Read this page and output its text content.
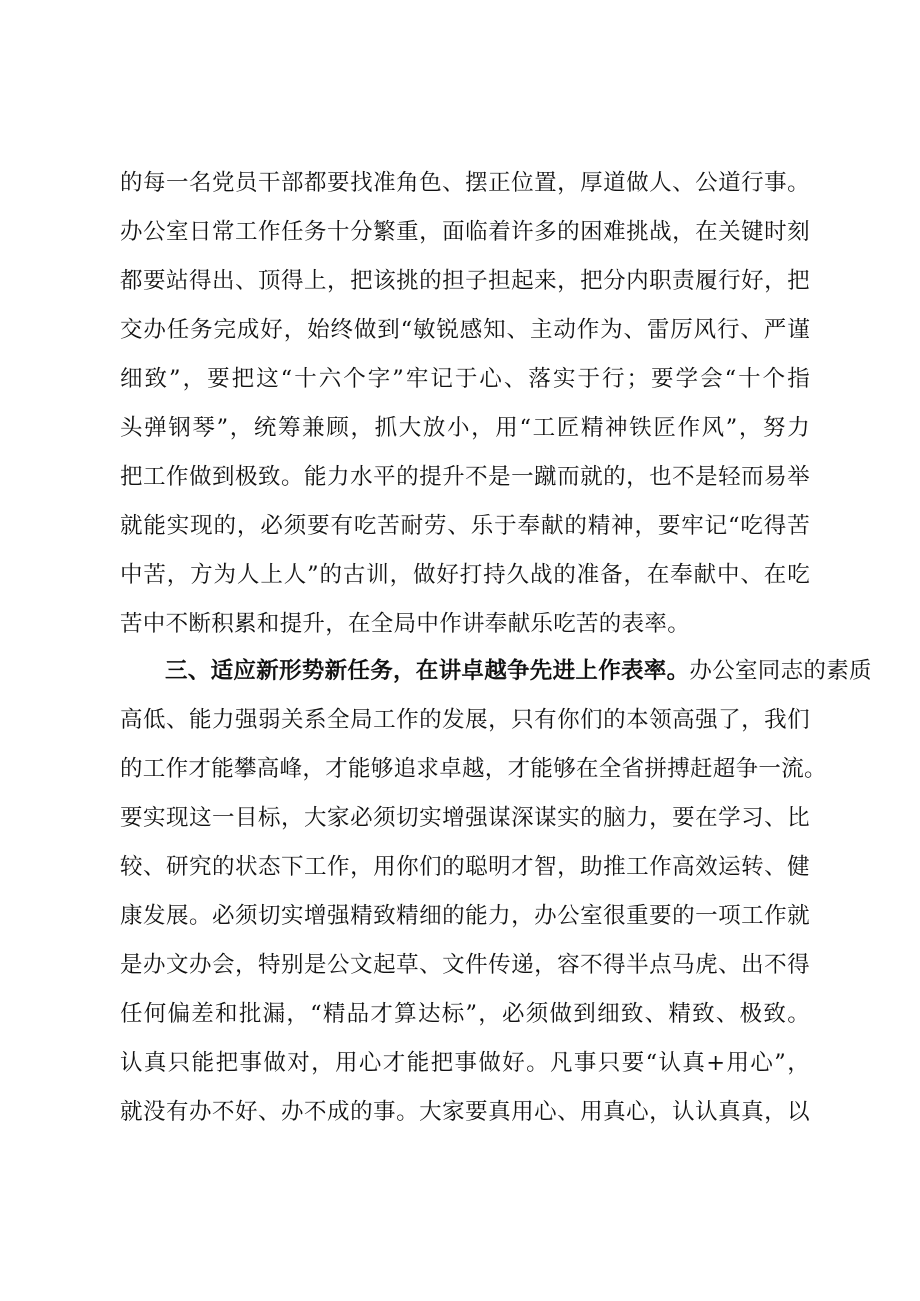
的每一名党员干部都要找准角色、摆正位置，厚道做人、公道行事。
办公室日常工作任务十分繁重，面临着许多的困难挑战，在关键时刻
都要站得出、顶得上，把该挑的担子担起来，把分内职责履行好，把
交办任务完成好，始终做到“敏锐感知、主动作为、雷厉风行、严谨
细致”，要把这“十六个字”牢记于心、落实于行；要学会“十个指
头弹钢琴”，统筹兼顾，抓大放小，用“工匠精神铁匠作风”，努力
把工作做到极致。能力水平的提升不是一蹴而就的，也不是轻而易举
就能实现的，必须要有吃苦耐劳、乐于奉献的精神，要牢记“吃得苦
中苦，方为人上人”的古训，做好打持久战的准备，在奉献中、在吃
苦中不断积累和提升，在全局中作讲奉献乐吃苦的表率。
三、适应新形势新任务，在讲卓越争先进上作表率。办公室同志的素质
高低、能力强弱关系全局工作的发展，只有你们的本领高强了，我们
的工作才能攀高峰，才能够追求卓越，才能够在全省拼搏赶超争一流。
要实现这一目标，大家必须切实增强谋深谋实的脑力，要在学习、比
较、研究的状态下工作，用你们的聪明才智，助推工作高效运转、健
康发展。必须切实增强精致精细的能力，办公室很重要的一项工作就
是办文办会，特别是公文起草、文件传递，容不得半点马虎、出不得
任何偏差和批漏，“精品才算达标”，必须做到细致、精致、极致。
认真只能把事做对，用心才能把事做好。凡事只要“认真+用心”，
就没有办不好、办不成的事。大家要真用心、用真心，认认真真，以
